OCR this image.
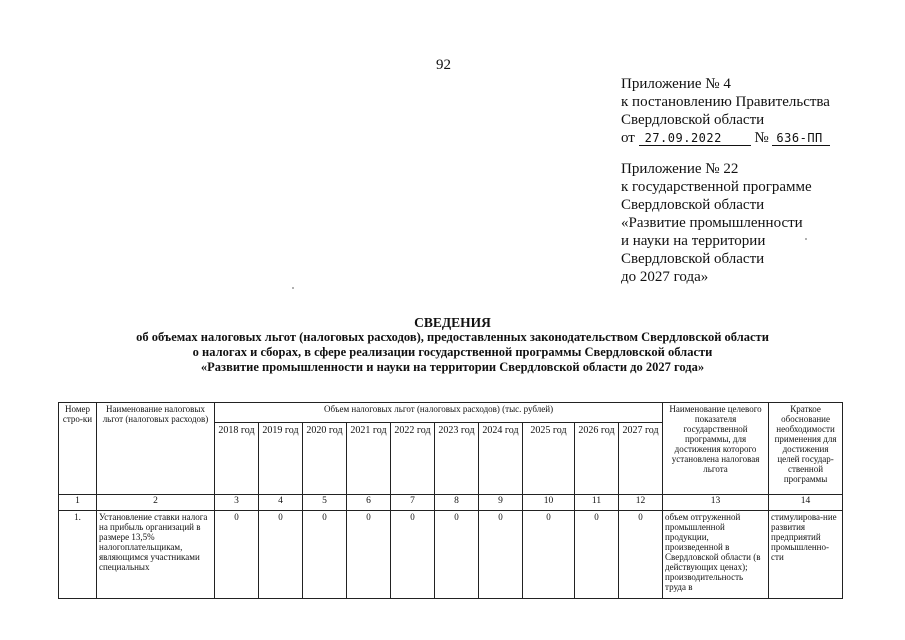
92
Приложение № 4
к постановлению Правительства
Свердловской области
от 27.09.2022 № 636-ПП
Приложение № 22
к государственной программе
Свердловской области
«Развитие промышленности
и науки на территории
Свердловской области
до 2027 года»
СВЕДЕНИЯ
об объемах налоговых льгот (налоговых расходов), предоставленных законодательством Свердловской области
о налогах и сборах, в сфере реализации государственной программы Свердловской области
«Развитие промышленности и науки на территории Свердловской области до 2027 года»
Номер стро-ки	Наименование налоговых льгот (налоговых расходов)	Объем налоговых льгот (налоговых расходов) (тыс. рублей)										Наименование целевого показателя государственной программы, для достижения которого установлена налоговая льгота	Краткое обоснование необходимости применения для достижения целей государ-ственной программы
		2018 год	2019 год	2020 год	2021 год	2022 год	2023 год	2024 год	2025 год	2026 год	2027 год		
1	2	3	4	5	6	7	8	9	10	11	12	13	14
1.	Установление ставки налога на прибыль организаций в размере 13,5% налогоплательщикам, являющимся участниками специальных	0	0	0	0	0	0	0	0	0	0	объем отгруженной промышленной продукции, произведенной в Свердловской области (в действующих ценах); производительность труда в	стимулирова-ние развития предприятий промышленно-сти
